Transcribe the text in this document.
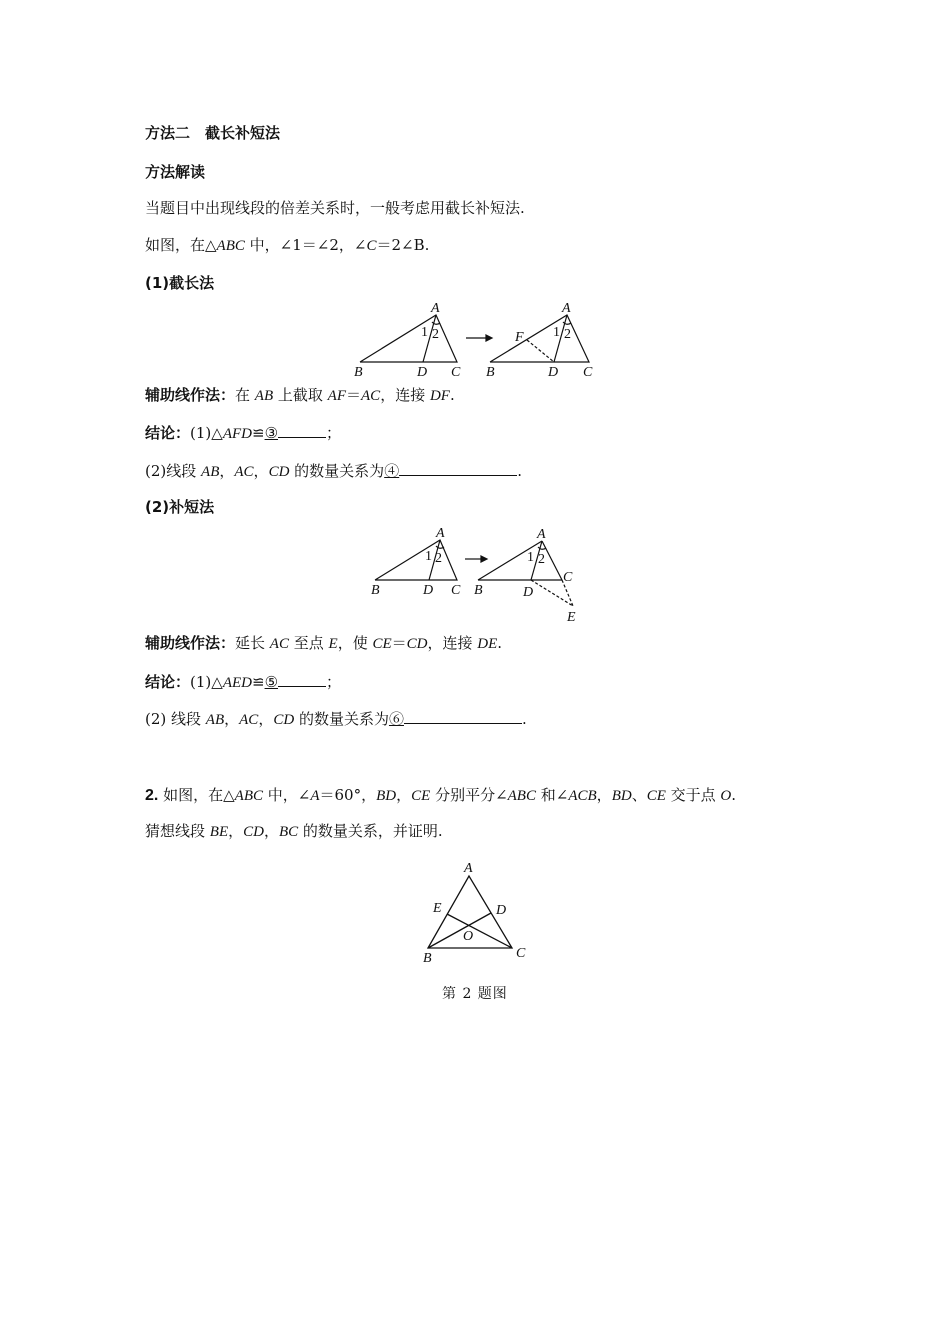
方法二　截长补短法
方法解读
当题目中出现线段的倍差关系时，一般考虑用截长补短法.
如图，在△ABC 中，∠1＝∠2，∠C＝2∠B.
(1)截长法
A
B	D C
1 2
A
B	D C
F 1 2
辅助线作法：在 AB 上截取 AF＝AC，连接 DF.
结论：(1)△AFD≌③	；
(2)线段 AB，AC，CD 的数量关系为④	.
(2)补短法
A
B	D C
1 2
A
B	D
C
E
1 2
辅助线作法：延长 AC 至点 E，使 CE＝CD，连接 DE.
结论：(1)△AED≌⑤	；
(2) 线段 AB，AC，CD 的数量关系为⑥	.
2. 如图，在△ABC 中，∠A＝60°，BD，CE 分别平分∠ABC 和∠ACB，BD、CE 交于点 O.
猜想线段 BE，CD，BC 的数量关系，并证明.
A
E	D
O
B	C
第 2 题图
